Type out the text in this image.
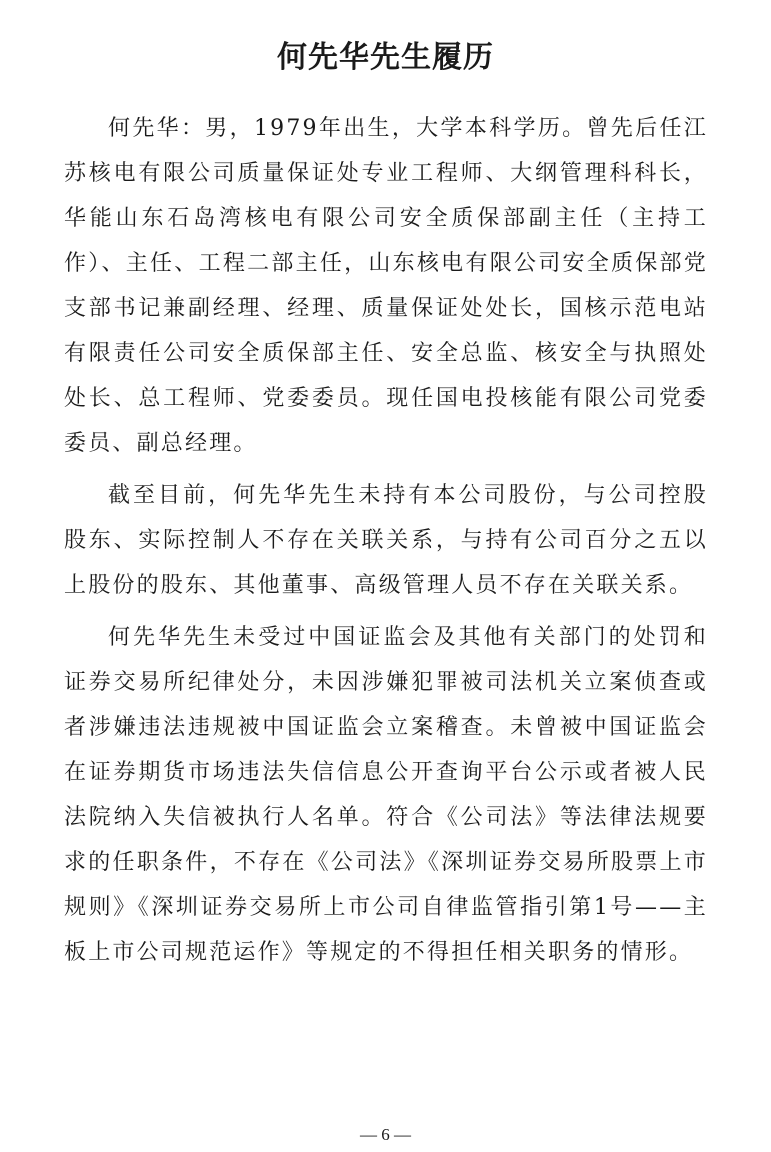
何先华先生履历

何先华：男，1979年出生，大学本科学历。曾先后任江苏核电有限公司质量保证处专业工程师、大纲管理科科长，华能山东石岛湾核电有限公司安全质保部副主任（主持工作）、主任、工程二部主任，山东核电有限公司安全质保部党支部书记兼副经理、经理、质量保证处处长，国核示范电站有限责任公司安全质保部主任、安全总监、核安全与执照处处长、总工程师、党委委员。现任国电投核能有限公司党委委员、副总经理。

截至目前，何先华先生未持有本公司股份，与公司控股股东、实际控制人不存在关联关系，与持有公司百分之五以上股份的股东、其他董事、高级管理人员不存在关联关系。

何先华先生未受过中国证监会及其他有关部门的处罚和证券交易所纪律处分，未因涉嫌犯罪被司法机关立案侦查或者涉嫌违法违规被中国证监会立案稽查。未曾被中国证监会在证券期货市场违法失信信息公开查询平台公示或者被人民法院纳入失信被执行人名单。符合《公司法》等法律法规要求的任职条件，不存在《公司法》《深圳证券交易所股票上市规则》《深圳证券交易所上市公司自律监管指引第1号——主板上市公司规范运作》等规定的不得担任相关职务的情形。

— 6 —
